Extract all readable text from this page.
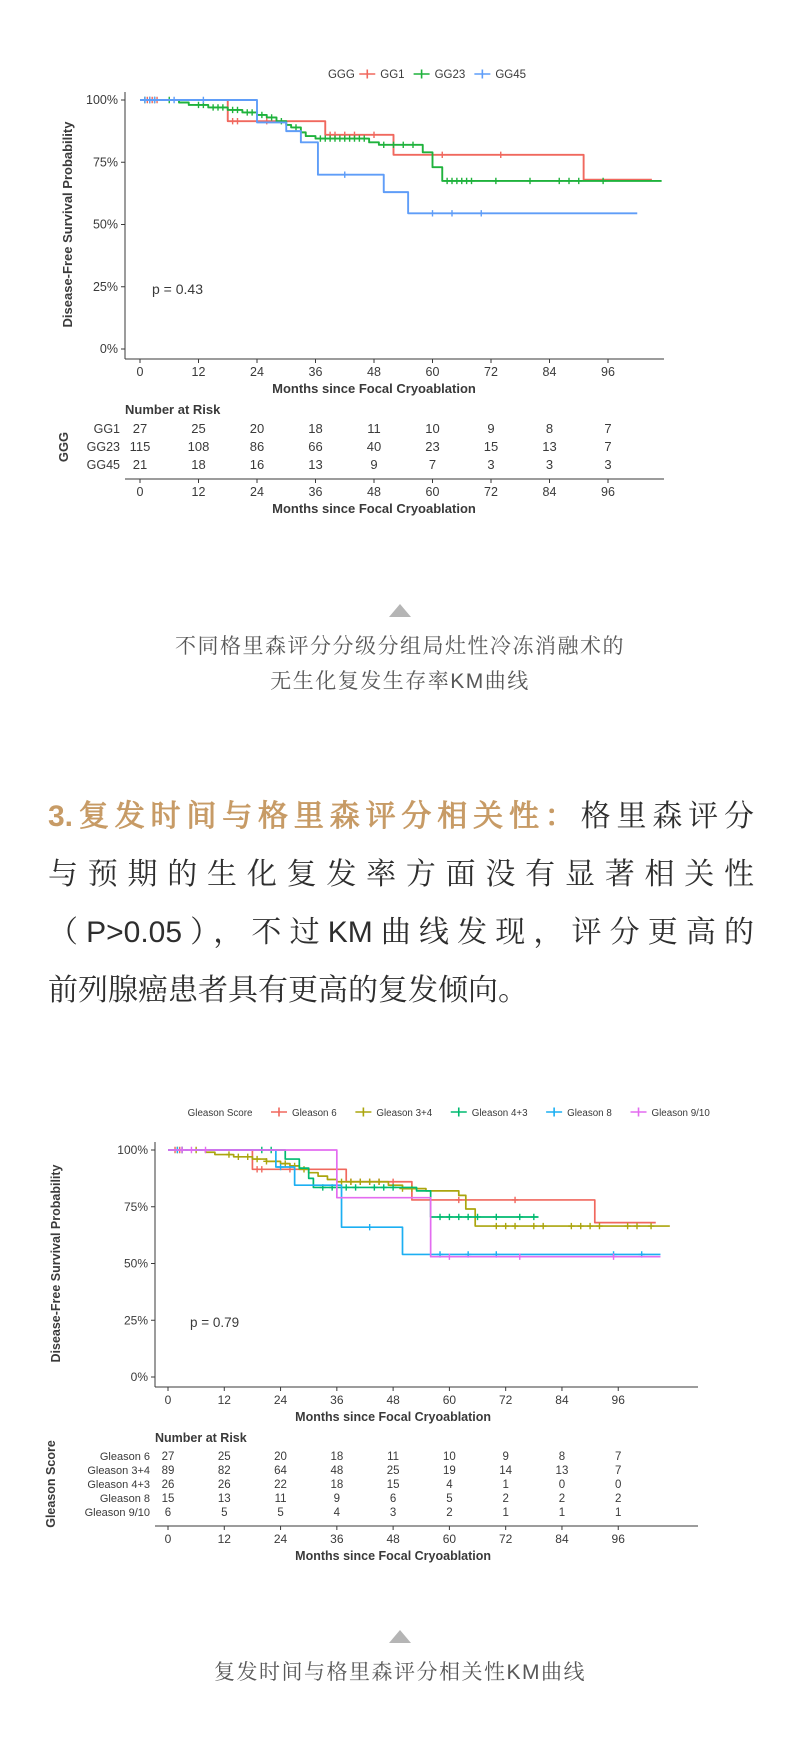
100%
75%
50%
25%
0%
0	12	24	36	48	60	72	84	96
Months since Focal Cryoablation
Disease-Free Survival Probability	p = 0.43
Number at Risk
GG1 27	25	20	18	11	10	9	8	7
GG23 115	108	86	66	40	23	15	13	7
GG45 21	18	16	13	9	7	3	3	3
0	12	24	36	48	60	72	84	96
Months since Focal Cryoablation
GGG
GGG GG1	GG23	GG45
不同格里森评分分级分组局灶性冷冻消融术的
无生化复发生存率KM曲线
3.复发时间与格里森评分相关性：格里森评分
与预期的生化复发率方面没有显著相关性
（P>0.05），不过KM曲线发现，评分更高的
前列腺癌患者具有更高的复发倾向。
100%
75%
50%
25%
0%
0	12	24	36	48	60	72	84	96
Months since Focal Cryoablation
Disease-Free Survival Probability	p = 0.79
Number at Risk
Gleason 6 27	25	20	18	11	10	9	8	7
Gleason 3+4 89	82	64	48	25	19	14	13	7
Gleason 4+3 26	26	22	18	15	4	1	0	0
Gleason 8 15	13	11	9	6	5	2	2	2
Gleason 9/10 6	5	5	4	3	2	1	1	1
0	12	24	36	48	60	72	84	96
Months since Focal Cryoablation
Gleason Score
Gleason Score	Gleason 6	Gleason 3+4	Gleason 4+3	Gleason 8	Gleason 9/10
复发时间与格里森评分相关性KM曲线
